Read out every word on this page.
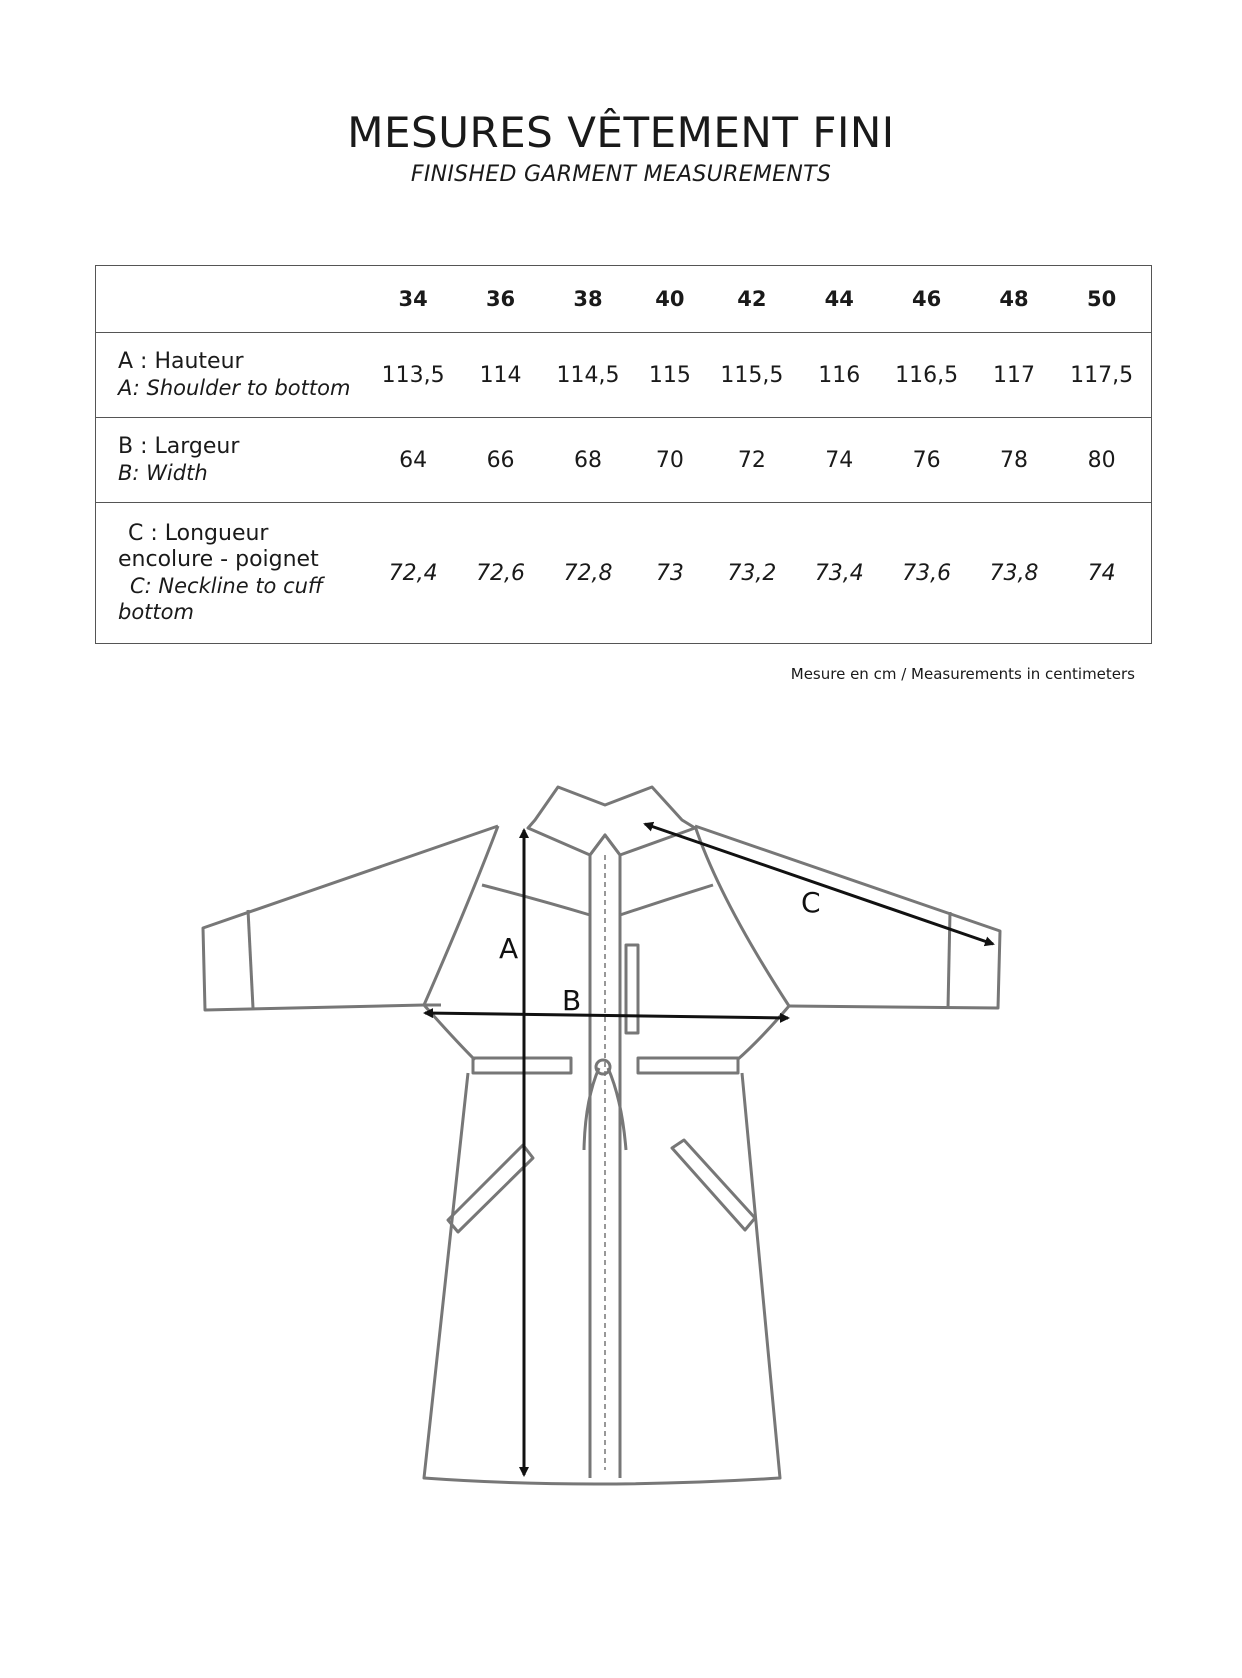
MESURES VÊTEMENT FINI
FINISHED GARMENT MEASUREMENTS
	34	36	38	40	42	44	46	48	50

A : Hauteur
A: Shoulder to bottom	113,5	114	114,5	115	115,5	116	116,5	117	117,5

B : Largeur
B: Width	64	66	68	70	72	74	76	78	80

C : Longueur
encolure - poignet
C: Neckline to cuff
bottom	72,4	72,6	72,8	73	73,2	73,4	73,6	73,8	74
Mesure en cm / Measurements in centimeters
A
B
C
